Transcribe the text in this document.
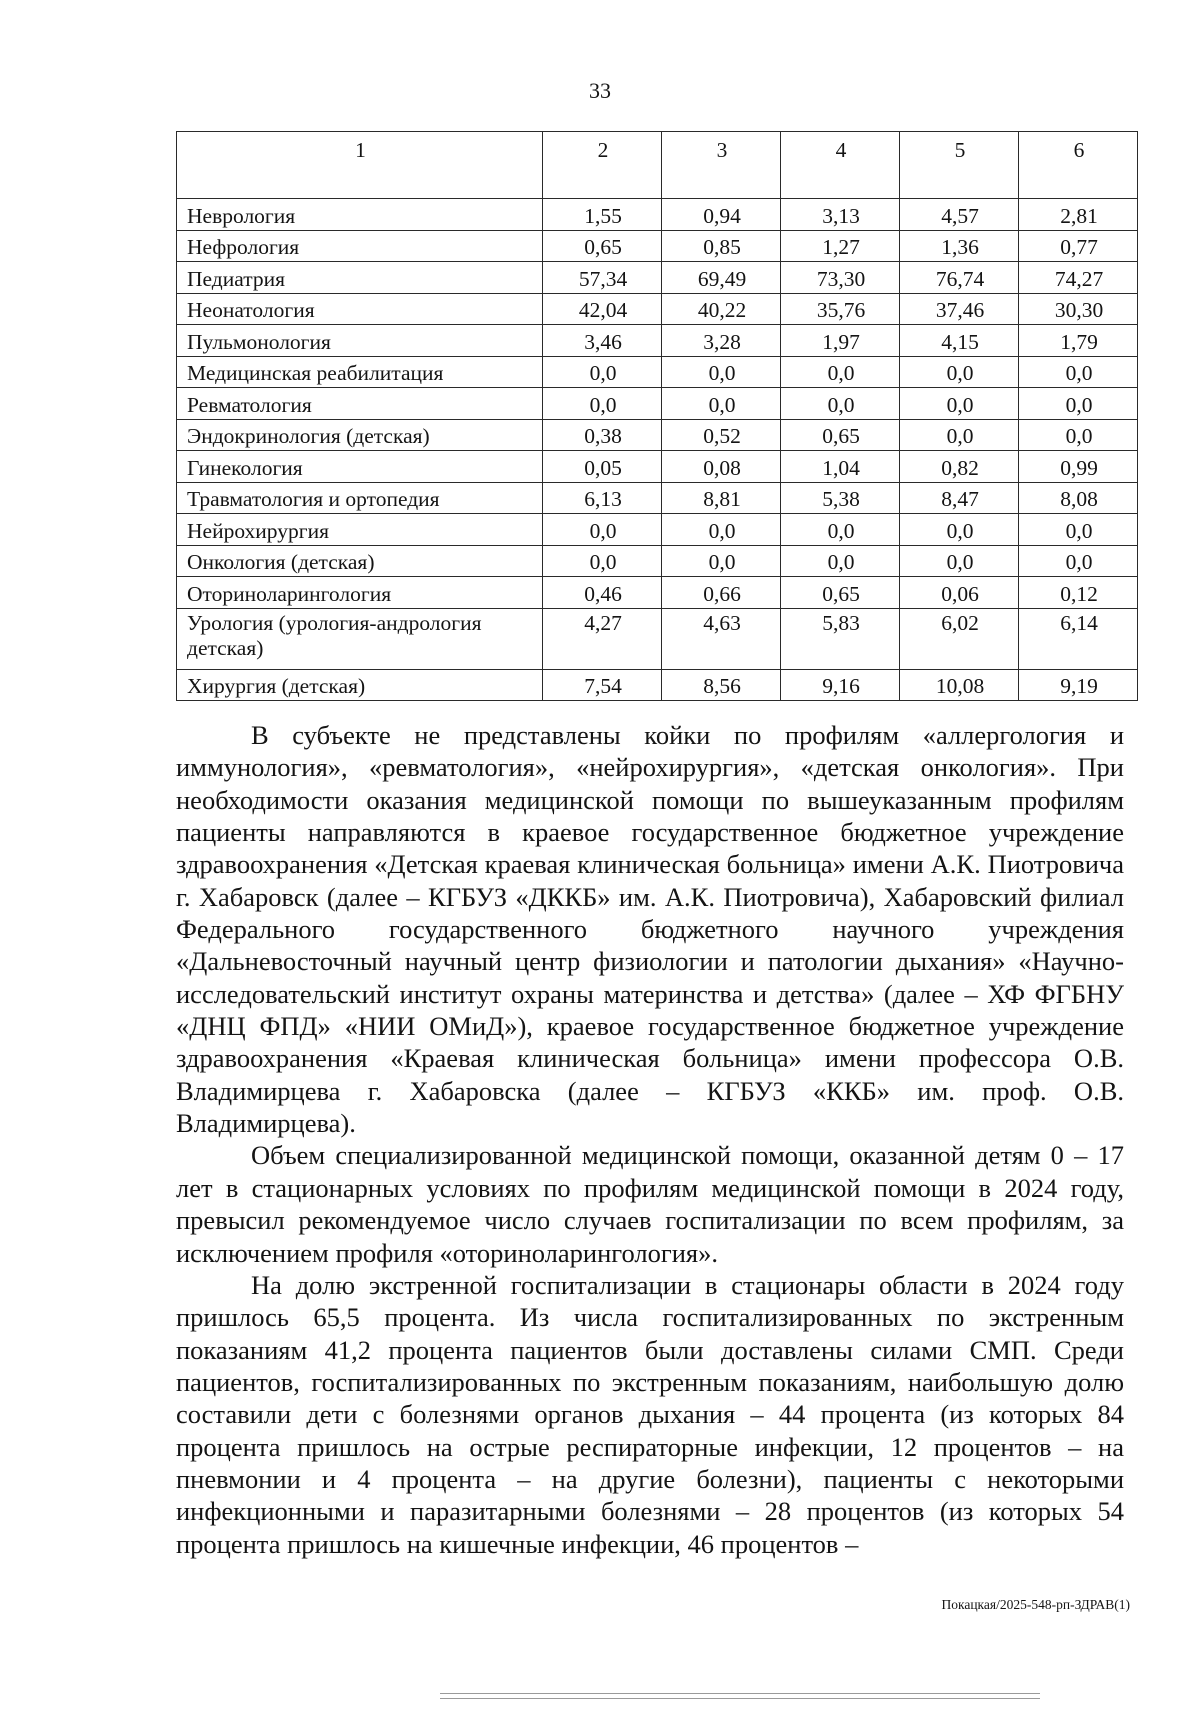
33
1	2	3	4	5	6
Неврология	1,55	0,94	3,13	4,57	2,81
Нефрология	0,65	0,85	1,27	1,36	0,77
Педиатрия	57,34	69,49	73,30	76,74	74,27
Неонатология	42,04	40,22	35,76	37,46	30,30
Пульмонология	3,46	3,28	1,97	4,15	1,79
Медицинская реабилитация	0,0	0,0	0,0	0,0	0,0
Ревматология	0,0	0,0	0,0	0,0	0,0
Эндокринология (детская)	0,38	0,52	0,65	0,0	0,0
Гинекология	0,05	0,08	1,04	0,82	0,99
Травматология и ортопедия	6,13	8,81	5,38	8,47	8,08
Нейрохирургия	0,0	0,0	0,0	0,0	0,0
Онкология (детская)	0,0	0,0	0,0	0,0	0,0
Оториноларингология	0,46	0,66	0,65	0,06	0,12
Урология (урология-андрология детская)	4,27	4,63	5,83	6,02	6,14
Хирургия (детская)	7,54	8,56	9,16	10,08	9,19

В субъекте не представлены койки по профилям «аллергология и иммунология», «ревматология», «нейрохирургия», «детская онкология». При необходимости оказания медицинской помощи по вышеуказанным профилям пациенты направляются в краевое государственное бюджетное учреждение здравоохранения «Детская краевая клиническая больница» имени А.К. Пиотровича г. Хабаровск (далее – КГБУЗ «ДККБ» им. А.К. Пиотровича), Хабаровский филиал Федерального государственного бюджетного научного учреждения «Дальневосточный научный центр физиологии и патологии дыхания» «Научно-исследовательский институт охраны материнства и детства» (далее – ХФ ФГБНУ «ДНЦ ФПД» «НИИ ОМиД»), краевое государственное бюджетное учреждение здравоохранения «Краевая клиническая больница» имени профессора О.В. Владимирцева г. Хабаровска (далее – КГБУЗ «ККБ» им. проф. О.В. Владимирцева).

Объем специализированной медицинской помощи, оказанной детям 0 – 17 лет в стационарных условиях по профилям медицинской помощи в 2024 году, превысил рекомендуемое число случаев госпитализации по всем профилям, за исключением профиля «оториноларингология».

На долю экстренной госпитализации в стационары области в 2024 году пришлось 65,5 процента. Из числа госпитализированных по экстренным показаниям 41,2 процента пациентов были доставлены силами СМП. Среди пациентов, госпитализированных по экстренным показаниям, наибольшую долю составили дети с болезнями органов дыхания – 44 процента (из которых 84 процента пришлось на острые респираторные инфекции, 12 процентов – на пневмонии и 4 процента – на другие болезни), пациенты с некоторыми инфекционными и паразитарными болезнями – 28 процентов (из которых 54 процента пришлось на кишечные инфекции, 46 процентов –

Покацкая/2025-548-рп-ЗДРАВ(1)
